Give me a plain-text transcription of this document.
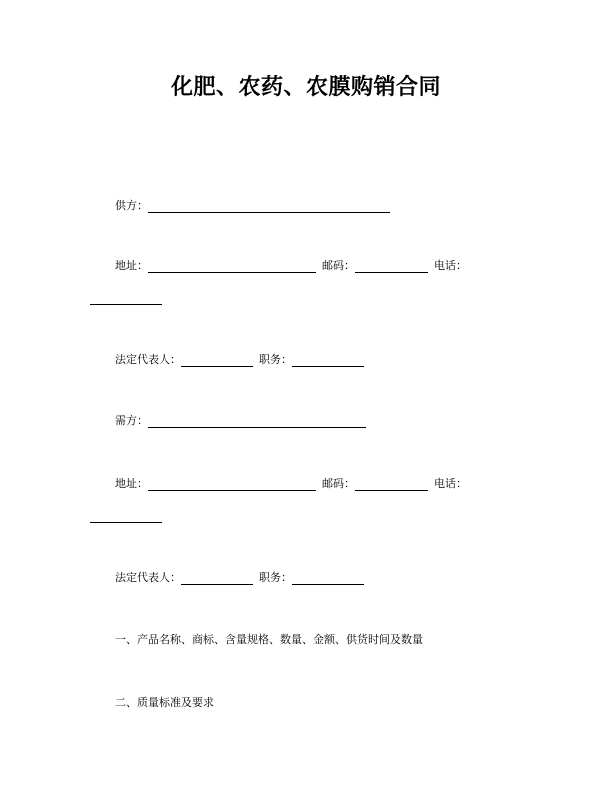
化肥、农药、农膜购销合同
供方：
地址：	邮码：	电话：
法定代表人：	职务：
需方：
地址：	邮码：	电话：
法定代表人：	职务：
一、产品名称、商标、含量规格、数量、金额、供货时间及数量
二、质量标准及要求
